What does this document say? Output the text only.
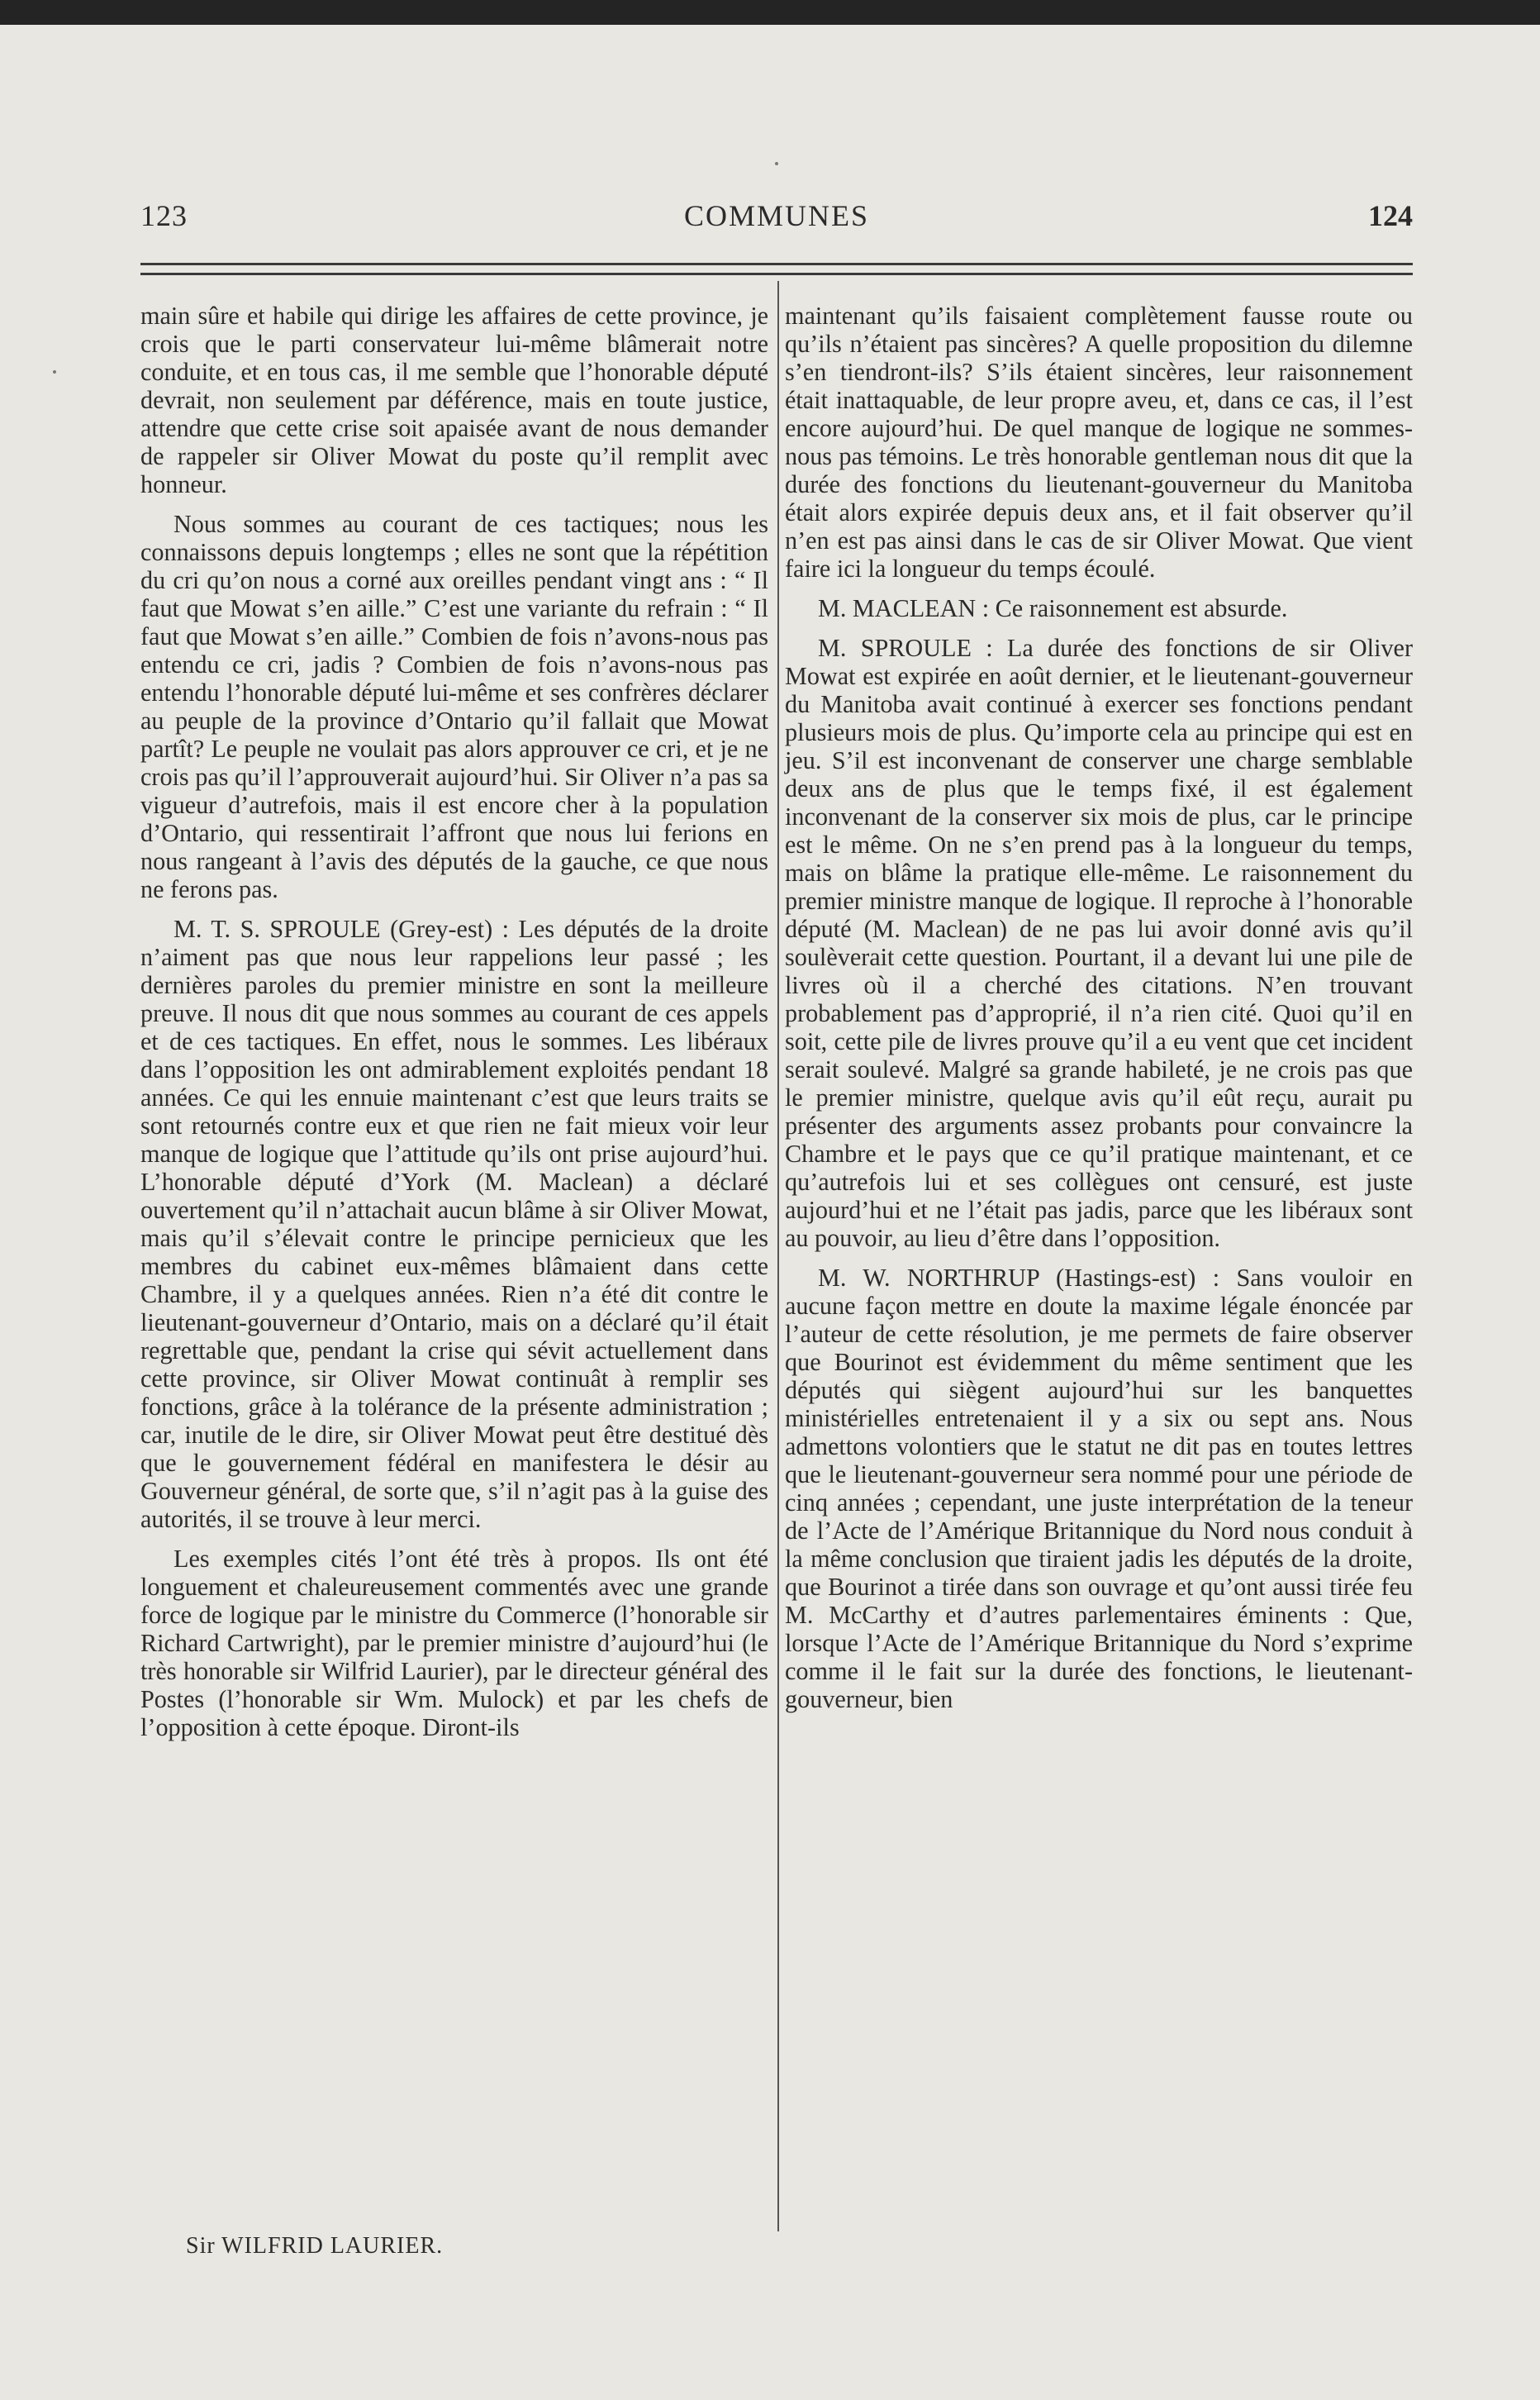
123	COMMUNES	124

main sûre et habile qui dirige les affaires de cette province, je crois que le parti conservateur lui-même blâmerait notre conduite, et en tous cas, il me semble que l’honorable député devrait, non seulement par déférence, mais en toute justice, attendre que cette crise soit apaisée avant de nous demander de rappeler sir Oliver Mowat du poste qu’il remplit avec honneur.

Nous sommes au courant de ces tactiques; nous les connaissons depuis longtemps ; elles ne sont que la répétition du cri qu’on nous a corné aux oreilles pendant vingt ans : “ Il faut que Mowat s’en aille.” C’est une variante du refrain : “ Il faut que Mowat s’en aille.” Combien de fois n’avons-nous pas entendu ce cri, jadis ? Combien de fois n’avons-nous pas entendu l’honorable député lui-même et ses confrères déclarer au peuple de la province d’Ontario qu’il fallait que Mowat partît? Le peuple ne voulait pas alors approuver ce cri, et je ne crois pas qu’il l’approuverait aujourd’hui. Sir Oliver n’a pas sa vigueur d’autrefois, mais il est encore cher à la population d’Ontario, qui ressentirait l’affront que nous lui ferions en nous rangeant à l’avis des députés de la gauche, ce que nous ne ferons pas.

M. T. S. SPROULE (Grey-est) : Les députés de la droite n’aiment pas que nous leur rappelions leur passé ; les dernières paroles du premier ministre en sont la meilleure preuve. Il nous dit que nous sommes au courant de ces appels et de ces tactiques. En effet, nous le sommes. Les libéraux dans l’opposition les ont admirablement exploités pendant 18 années. Ce qui les ennuie maintenant c’est que leurs traits se sont retournés contre eux et que rien ne fait mieux voir leur manque de logique que l’attitude qu’ils ont prise aujourd’hui. L’honorable député d’York (M. Maclean) a déclaré ouvertement qu’il n’attachait aucun blâme à sir Oliver Mowat, mais qu’il s’élevait contre le principe pernicieux que les membres du cabinet eux-mêmes blâmaient dans cette Chambre, il y a quelques années. Rien n’a été dit contre le lieutenant-gouverneur d’Ontario, mais on a déclaré qu’il était regrettable que, pendant la crise qui sévit actuellement dans cette province, sir Oliver Mowat continuât à remplir ses fonctions, grâce à la tolérance de la présente administration ; car, inutile de le dire, sir Oliver Mowat peut être destitué dès que le gouvernement fédéral en manifestera le désir au Gouverneur général, de sorte que, s’il n’agit pas à la guise des autorités, il se trouve à leur merci.

Les exemples cités l’ont été très à propos. Ils ont été longuement et chaleureusement commentés avec une grande force de logique par le ministre du Commerce (l’honorable sir Richard Cartwright), par le premier ministre d’aujourd’hui (le très honorable sir Wilfrid Laurier), par le directeur général des Postes (l’honorable sir Wm. Mulock) et par les chefs de l’opposition à cette époque. Diront-ils

maintenant qu’ils faisaient complètement fausse route ou qu’ils n’étaient pas sincères? A quelle proposition du dilemne s’en tiendront-ils? S’ils étaient sincères, leur raisonnement était inattaquable, de leur propre aveu, et, dans ce cas, il l’est encore aujourd’hui. De quel manque de logique ne sommes-nous pas témoins. Le très honorable gentleman nous dit que la durée des fonctions du lieutenant-gouverneur du Manitoba était alors expirée depuis deux ans, et il fait observer qu’il n’en est pas ainsi dans le cas de sir Oliver Mowat. Que vient faire ici la longueur du temps écoulé.

M. MACLEAN : Ce raisonnement est absurde.

M. SPROULE : La durée des fonctions de sir Oliver Mowat est expirée en août dernier, et le lieutenant-gouverneur du Manitoba avait continué à exercer ses fonctions pendant plusieurs mois de plus. Qu’importe cela au principe qui est en jeu. S’il est inconvenant de conserver une charge semblable deux ans de plus que le temps fixé, il est également inconvenant de la conserver six mois de plus, car le principe est le même. On ne s’en prend pas à la longueur du temps, mais on blâme la pratique elle-même. Le raisonnement du premier ministre manque de logique. Il reproche à l’honorable député (M. Maclean) de ne pas lui avoir donné avis qu’il soulèverait cette question. Pourtant, il a devant lui une pile de livres où il a cherché des citations. N’en trouvant probablement pas d’approprié, il n’a rien cité. Quoi qu’il en soit, cette pile de livres prouve qu’il a eu vent que cet incident serait soulevé. Malgré sa grande habileté, je ne crois pas que le premier ministre, quelque avis qu’il eût reçu, aurait pu présenter des arguments assez probants pour convaincre la Chambre et le pays que ce qu’il pratique maintenant, et ce qu’autrefois lui et ses collègues ont censuré, est juste aujourd’hui et ne l’était pas jadis, parce que les libéraux sont au pouvoir, au lieu d’être dans l’opposition.

M. W. NORTHRUP (Hastings-est) : Sans vouloir en aucune façon mettre en doute la maxime légale énoncée par l’auteur de cette résolution, je me permets de faire observer que Bourinot est évidemment du même sentiment que les députés qui siègent aujourd’hui sur les banquettes ministérielles entretenaient il y a six ou sept ans. Nous admettons volontiers que le statut ne dit pas en toutes lettres que le lieutenant-gouverneur sera nommé pour une période de cinq années ; cependant, une juste interprétation de la teneur de l’Acte de l’Amérique Britannique du Nord nous conduit à la même conclusion que tiraient jadis les députés de la droite, que Bourinot a tirée dans son ouvrage et qu’ont aussi tirée feu M. McCarthy et d’autres parlementaires éminents : Que, lorsque l’Acte de l’Amérique Britannique du Nord s’exprime comme il le fait sur la durée des fonctions, le lieutenant-gouverneur, bien

Sir WILFRID LAURIER.
